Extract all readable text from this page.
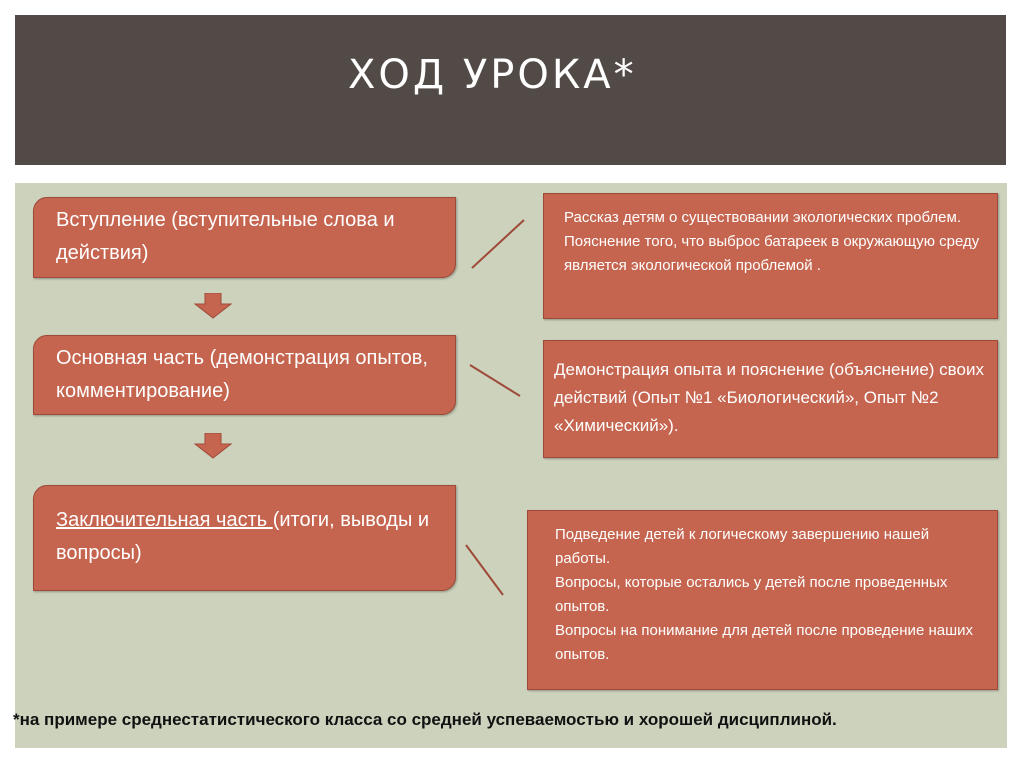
ХОД УРОКА*
Вступление (вступительные слова и действия)
Основная часть (демонстрация опытов, комментирование)
Заключительная часть (итоги, выводы и вопросы)
Рассказ детям о существовании экологических проблем. Пояснение того, что выброс батареек в окружающую среду является экологической проблемой .
Демонстрация опыта и пояснение (объяснение) своих действий (Опыт №1 «Биологический», Опыт №2 «Химический»).
Подведение детей к логическому завершению нашей работы.
Вопросы, которые остались у детей после проведенных опытов.
Вопросы на понимание для детей после проведение наших опытов.
*на примере среднестатистического класса со средней успеваемостью и хорошей дисциплиной.
